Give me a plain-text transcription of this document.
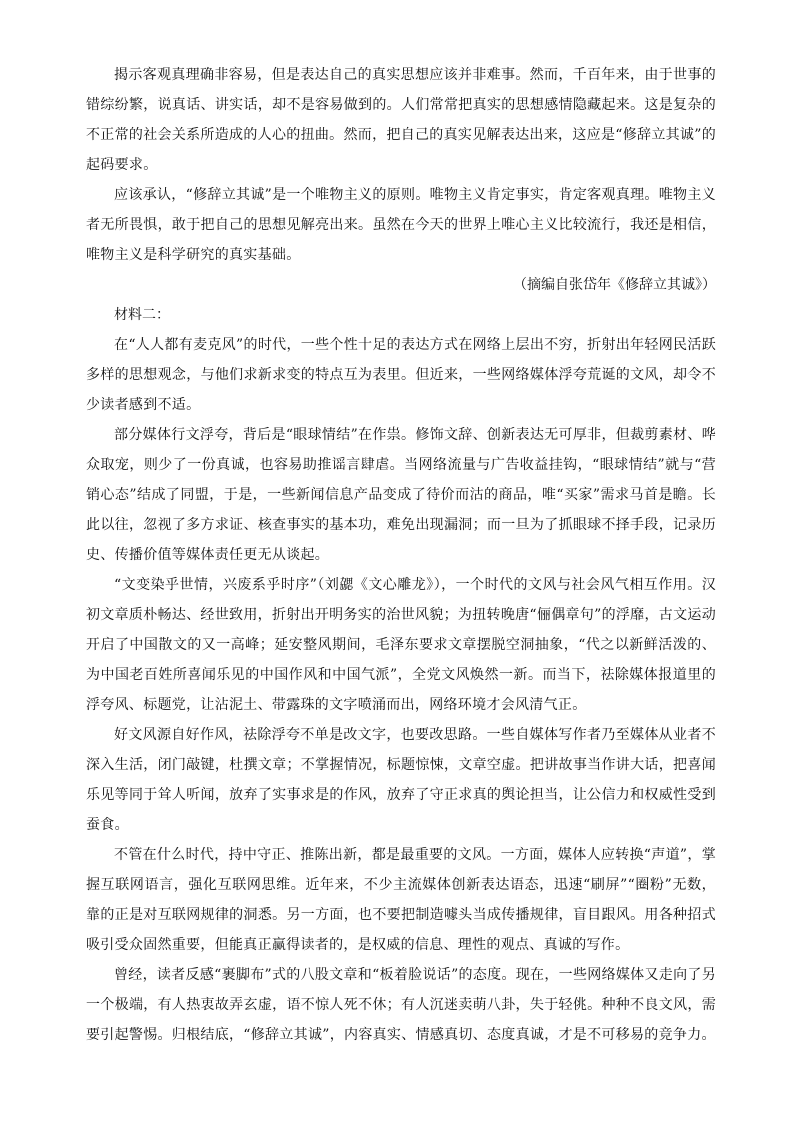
揭示客观真理确非容易，但是表达自己的真实思想应该并非难事。然而，千百年来，由于世事的错综纷繁，说真话、讲实话，却不是容易做到的。人们常常把真实的思想感情隐藏起来。这是复杂的不正常的社会关系所造成的人心的扭曲。然而，把自己的真实见解表达出来，这应是“修辞立其诚”的起码要求。

应该承认，“修辞立其诚”是一个唯物主义的原则。唯物主义肯定事实，肯定客观真理。唯物主义者无所畏惧，敢于把自己的思想见解亮出来。虽然在今天的世界上唯心主义比较流行，我还是相信，唯物主义是科学研究的真实基础。

（摘编自张岱年《修辞立其诚》）

材料二：

在“人人都有麦克风”的时代，一些个性十足的表达方式在网络上层出不穷，折射出年轻网民活跃多样的思想观念，与他们求新求变的特点互为表里。但近来，一些网络媒体浮夸荒诞的文风，却令不少读者感到不适。

部分媒体行文浮夸，背后是“眼球情结”在作祟。修饰文辞、创新表达无可厚非，但裁剪素材、哗众取宠，则少了一份真诚，也容易助推谣言肆虐。当网络流量与广告收益挂钩，“眼球情结”就与“营销心态”结成了同盟，于是，一些新闻信息产品变成了待价而沽的商品，唯“买家”需求马首是瞻。长此以往，忽视了多方求证、核查事实的基本功，难免出现漏洞；而一旦为了抓眼球不择手段，记录历史、传播价值等媒体责任更无从谈起。

“文变染乎世情，兴废系乎时序”（刘勰《文心雕龙》），一个时代的文风与社会风气相互作用。汉初文章质朴畅达、经世致用，折射出开明务实的治世风貌；为扭转晚唐“俪偶章句”的浮靡，古文运动开启了中国散文的又一高峰；延安整风期间，毛泽东要求文章摆脱空洞抽象，“代之以新鲜活泼的、为中国老百姓所喜闻乐见的中国作风和中国气派”，全党文风焕然一新。而当下，祛除媒体报道里的浮夸风、标题党，让沾泥土、带露珠的文字喷涌而出，网络环境才会风清气正。

好文风源自好作风，祛除浮夸不单是改文字，也要改思路。一些自媒体写作者乃至媒体从业者不深入生活，闭门敲键，杜撰文章；不掌握情况，标题惊悚，文章空虚。把讲故事当作讲大话，把喜闻乐见等同于耸人听闻，放弃了实事求是的作风，放弃了守正求真的舆论担当，让公信力和权威性受到蚕食。

不管在什么时代，持中守正、推陈出新，都是最重要的文风。一方面，媒体人应转换“声道”，掌握互联网语言，强化互联网思维。近年来，不少主流媒体创新表达语态，迅速“刷屏”“圈粉”无数，靠的正是对互联网规律的洞悉。另一方面，也不要把制造噱头当成传播规律，盲目跟风。用各种招式吸引受众固然重要，但能真正赢得读者的，是权威的信息、理性的观点、真诚的写作。

曾经，读者反感“裹脚布”式的八股文章和“板着脸说话”的态度。现在，一些网络媒体又走向了另一个极端，有人热衷故弄玄虚，语不惊人死不休；有人沉迷卖萌八卦，失于轻佻。种种不良文风，需要引起警惕。归根结底，“修辞立其诚”，内容真实、情感真切、态度真诚，才是不可移易的竞争力。
